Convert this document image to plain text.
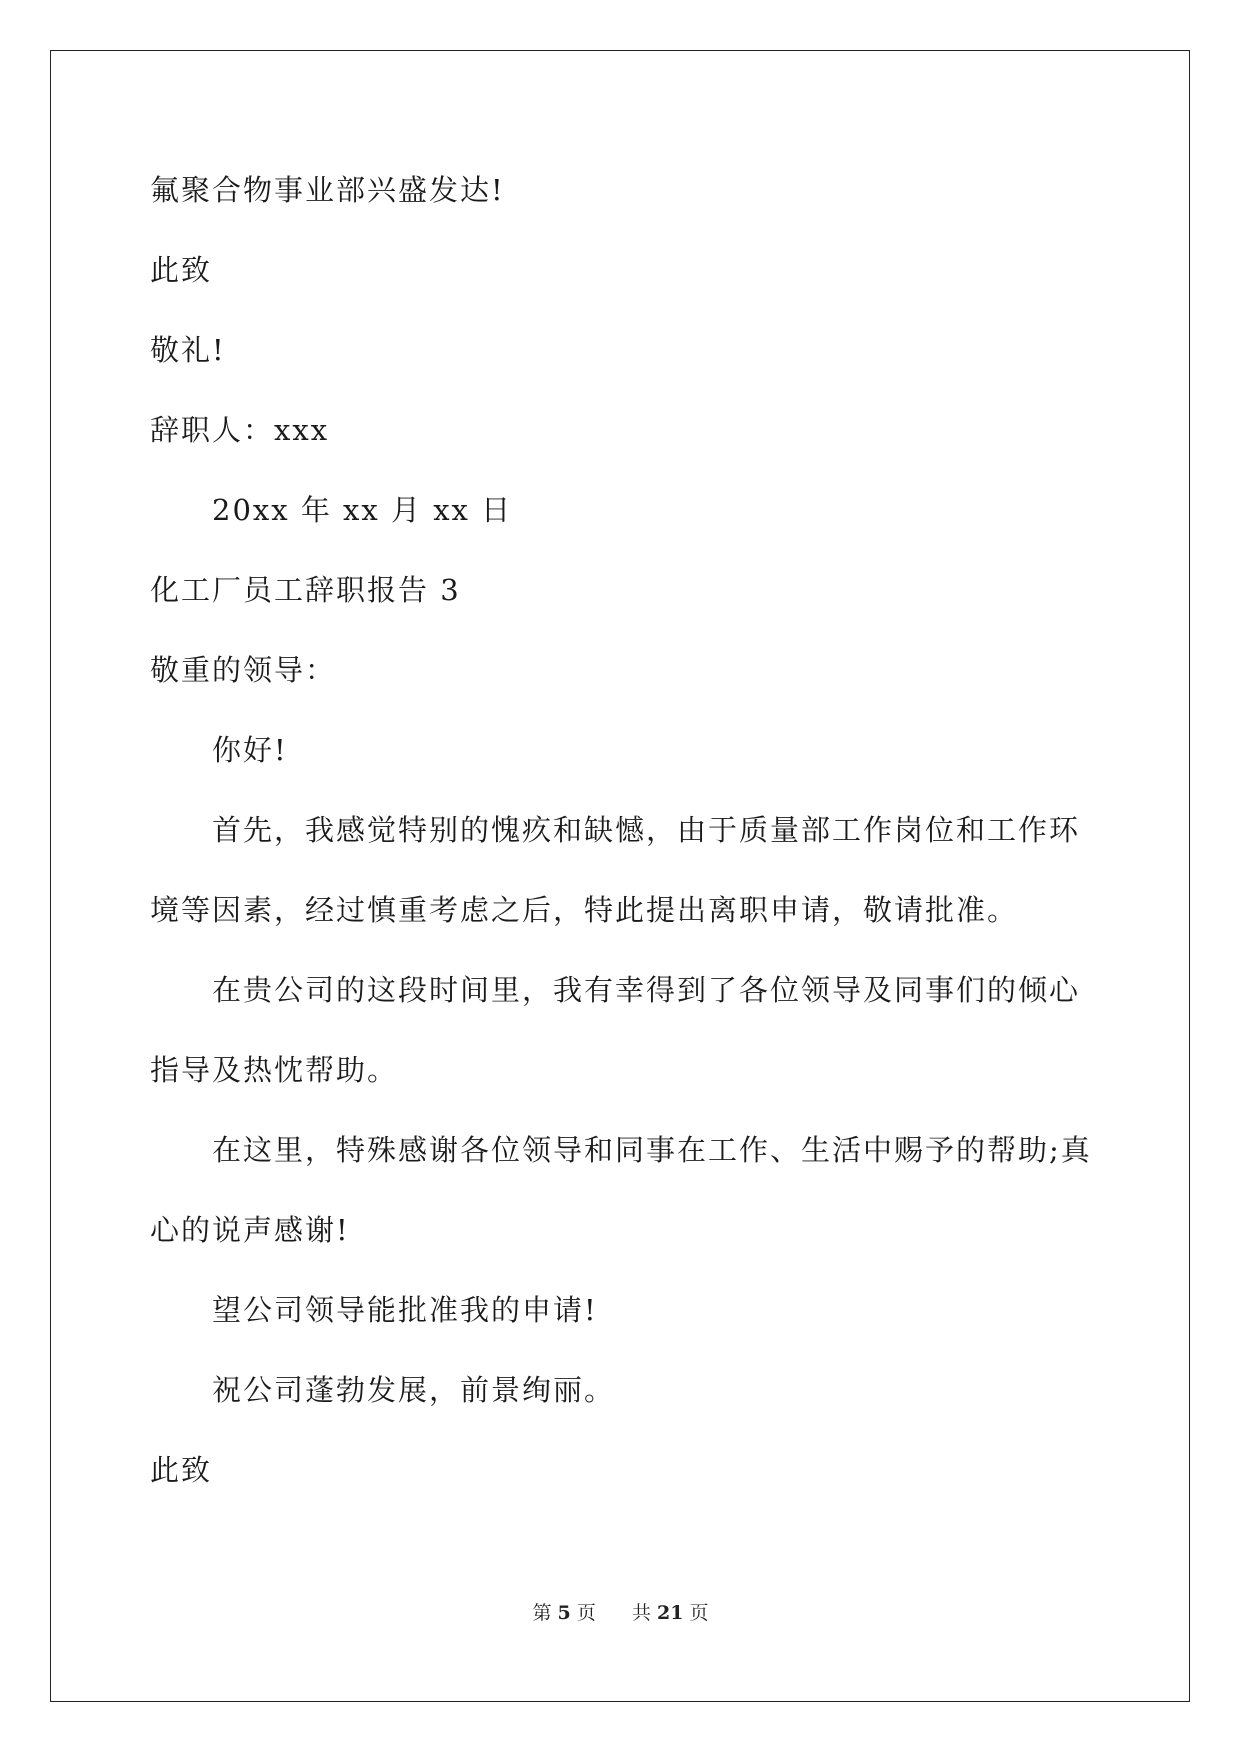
氟聚合物事业部兴盛发达!
此致
敬礼!
辞职人：xxx
20xx 年 xx 月 xx 日
化工厂员工辞职报告 3
敬重的领导：
你好!
首先，我感觉特别的愧疚和缺憾，由于质量部工作岗位和工作环
境等因素，经过慎重考虑之后，特此提出离职申请，敬请批准。
在贵公司的这段时间里，我有幸得到了各位领导及同事们的倾心
指导及热忱帮助。
在这里，特殊感谢各位领导和同事在工作、生活中赐予的帮助;真
心的说声感谢!
望公司领导能批准我的申请!
祝公司蓬勃发展，前景绚丽。
此致
第 5 页 共 21 页
